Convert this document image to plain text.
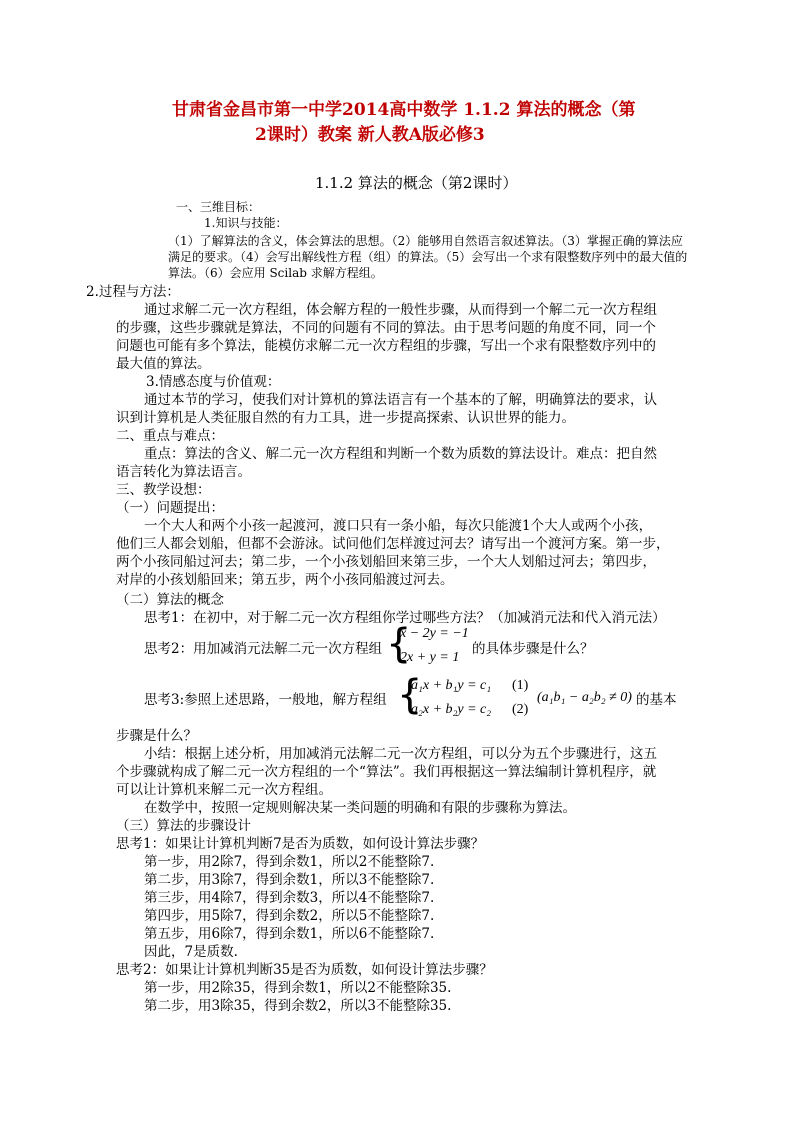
甘肃省金昌市第一中学2014高中数学 1.1.2 算法的概念（第
2课时）教案 新人教A版必修3
1.1.2 算法的概念（第2课时）
一、三维目标：
1.知识与技能：
（1）了解算法的含义，体会算法的思想。（2）能够用自然语言叙述算法。（3）掌握正确的算法应
满足的要求。（4）会写出解线性方程（组）的算法。（5）会写出一个求有限整数序列中的最大值的
算法。（6）会应用 Scilab 求解方程组。
2.过程与方法：
通过求解二元一次方程组，体会解方程的一般性步骤，从而得到一个解二元一次方程组
的步骤，这些步骤就是算法，不同的问题有不同的算法。由于思考问题的角度不同，同一个
问题也可能有多个算法，能模仿求解二元一次方程组的步骤，写出一个求有限整数序列中的
最大值的算法。
3.情感态度与价值观：
通过本节的学习，使我们对计算机的算法语言有一个基本的了解，明确算法的要求，认
识到计算机是人类征服自然的有力工具，进一步提高探索、认识世界的能力。
二、重点与难点：
重点：算法的含义、解二元一次方程组和判断一个数为质数的算法设计。难点：把自然
语言转化为算法语言。
三、教学设想：
（一）问题提出：
一个大人和两个小孩一起渡河，渡口只有一条小船，每次只能渡1个大人或两个小孩，
他们三人都会划船，但都不会游泳。试问他们怎样渡过河去？请写出一个渡河方案。第一步，
两个小孩同船过河去；第二步，一个小孩划船回来第三步，一个大人划船过河去；第四步，
对岸的小孩划船回来；第五步，两个小孩同船渡过河去。
（二）算法的概念
思考1：在初中，对于解二元一次方程组你学过哪些方法？（加减消元法和代入消元法）
思考2：用加减消元法解二元一次方程组 {
x − 2y = −1
2x + y = 1
的具体步骤是什么？
思考3:参照上述思路，一般地，解方程组 {
a₁x + b₁y = c₁
a₂x + b₂y = c₂
(1)
(2)
(a₁b₁ − a₂b₂ ≠ 0) 的基本
步骤是什么？
小结：根据上述分析，用加减消元法解二元一次方程组，可以分为五个步骤进行，这五
个步骤就构成了解二元一次方程组的一个“算法”。我们再根据这一算法编制计算机程序，就
可以让计算机来解二元一次方程组。
在数学中，按照一定规则解决某一类问题的明确和有限的步骤称为算法。
（三）算法的步骤设计
思考1：如果让计算机判断7是否为质数，如何设计算法步骤？
第一步，用2除7，得到余数1，所以2不能整除7.
第二步，用3除7，得到余数1，所以3不能整除7.
第三步，用4除7，得到余数3，所以4不能整除7.
第四步，用5除7，得到余数2，所以5不能整除7.
第五步，用6除7，得到余数1，所以6不能整除7.
因此，7是质数.
思考2：如果让计算机判断35是否为质数，如何设计算法步骤？
第一步，用2除35，得到余数1，所以2不能整除35.
第二步，用3除35，得到余数2，所以3不能整除35.
